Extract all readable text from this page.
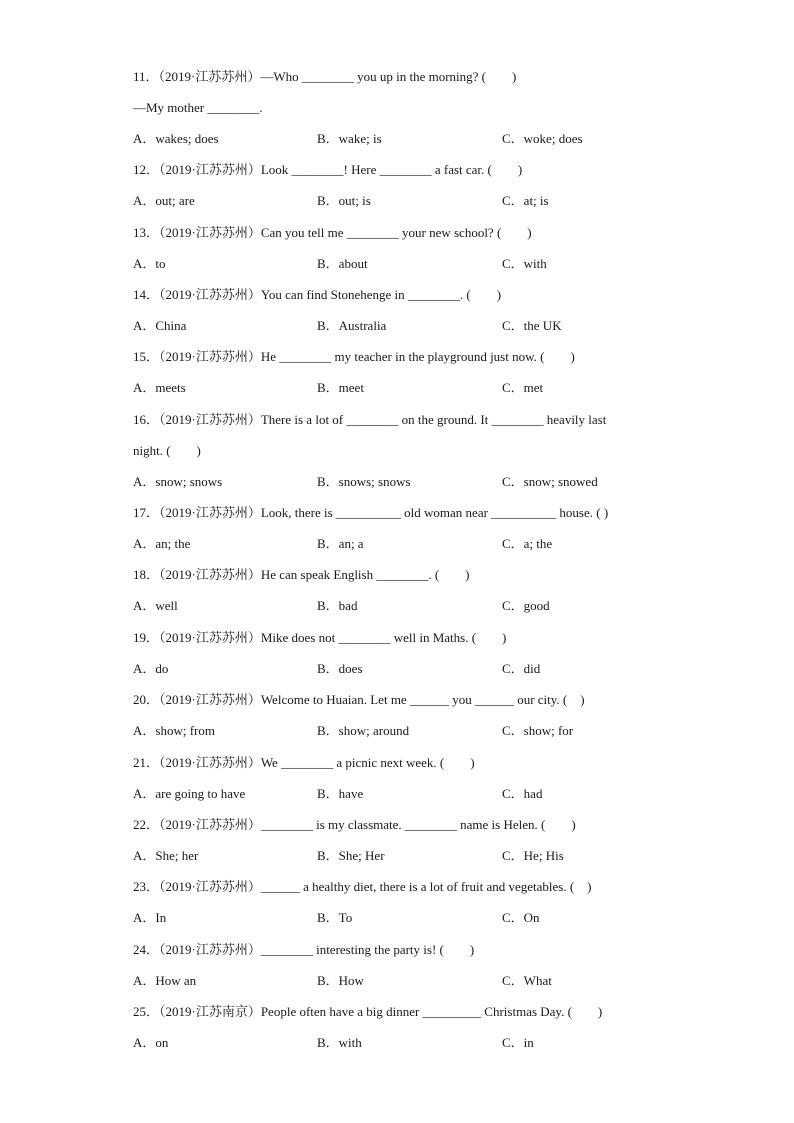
11．（2019·江苏苏州）—Who ________ you up in the morning? (　　)
—My mother ________.
A．wakes; does	B．wake; is	C．woke; does
12．（2019·江苏苏州）Look ________! Here ________ a fast car. (　　)
A．out; are	B．out; is	C．at; is
13．（2019·江苏苏州）Can you tell me ________ your new school? (　　)
A．to	B．about	C．with
14．（2019·江苏苏州）You can find Stonehenge in ________. (　　)
A．China	B．Australia	C．the UK
15．（2019·江苏苏州）He ________ my teacher in the playground just now. (　　)
A．meets	B．meet	C．met
16．（2019·江苏苏州）There is a lot of ________ on the ground. It ________ heavily last
night. (　　)
A．snow; snows	B．snows; snows	C．snow; snowed
17．（2019·江苏苏州）Look, there is __________ old woman near __________ house. ( )
A．an; the	B．an; a	C．a; the
18．（2019·江苏苏州）He can speak English ________. (　　)
A．well	B．bad	C．good
19．（2019·江苏苏州）Mike does not ________ well in Maths. (　　)
A．do	B．does	C．did
20．（2019·江苏苏州）Welcome to Huaian. Let me ______ you ______ our city. (　)
A．show; from	B．show; around	C．show; for
21．（2019·江苏苏州）We ________ a picnic next week. (　　)
A．are going to have	B．have	C．had
22．（2019·江苏苏州）________ is my classmate. ________ name is Helen. (　　)
A．She; her	B．She; Her	C．He; His
23．（2019·江苏苏州）______ a healthy diet, there is a lot of fruit and vegetables. (　)
A．In	B．To	C．On
24．（2019·江苏苏州）________ interesting the party is! (　　)
A．How an	B．How	C．What
25．（2019·江苏南京）People often have a big dinner _________ Christmas Day. (　　)
A．on	B．with	C．in
